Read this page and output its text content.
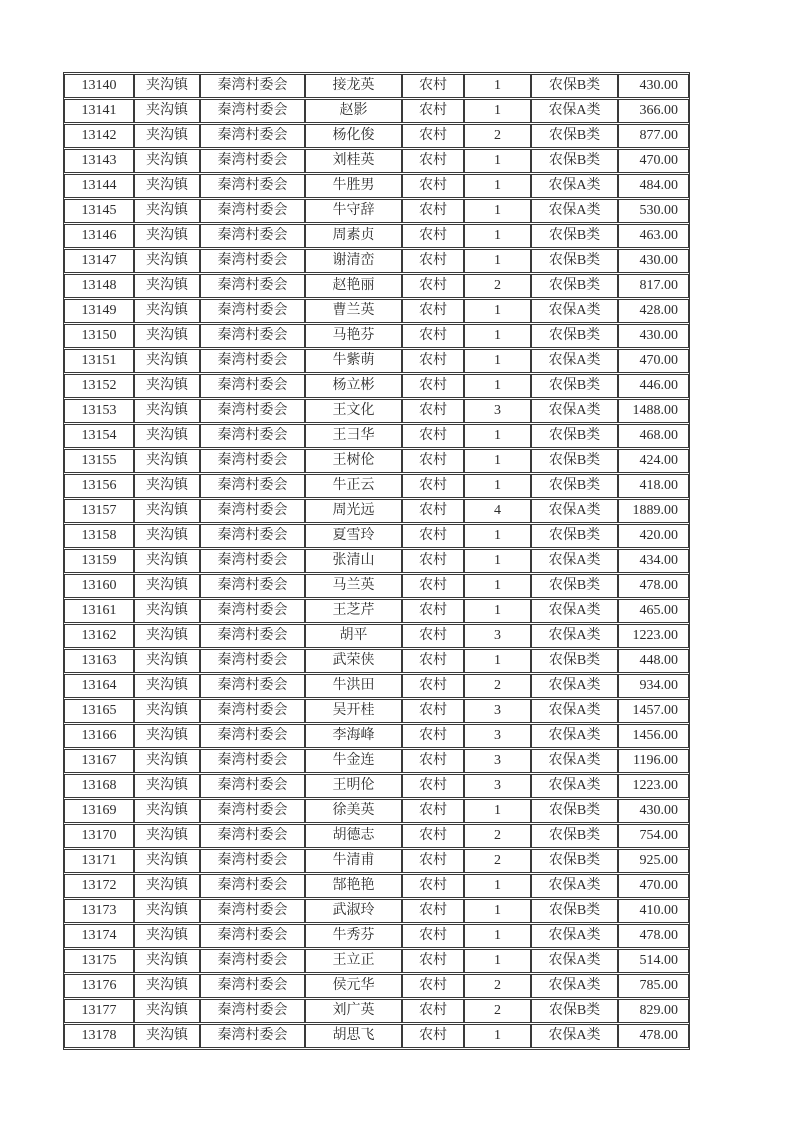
13140	夹沟镇	秦湾村委会	接龙英	农村	1	农保B类	430.00
13141	夹沟镇	秦湾村委会	赵影	农村	1	农保A类	366.00
13142	夹沟镇	秦湾村委会	杨化俊	农村	2	农保B类	877.00
13143	夹沟镇	秦湾村委会	刘桂英	农村	1	农保B类	470.00
13144	夹沟镇	秦湾村委会	牛胜男	农村	1	农保A类	484.00
13145	夹沟镇	秦湾村委会	牛守辞	农村	1	农保A类	530.00
13146	夹沟镇	秦湾村委会	周素贞	农村	1	农保B类	463.00
13147	夹沟镇	秦湾村委会	谢清峦	农村	1	农保B类	430.00
13148	夹沟镇	秦湾村委会	赵艳丽	农村	2	农保B类	817.00
13149	夹沟镇	秦湾村委会	曹兰英	农村	1	农保A类	428.00
13150	夹沟镇	秦湾村委会	马艳芬	农村	1	农保B类	430.00
13151	夹沟镇	秦湾村委会	牛紫萌	农村	1	农保A类	470.00
13152	夹沟镇	秦湾村委会	杨立彬	农村	1	农保B类	446.00
13153	夹沟镇	秦湾村委会	王文化	农村	3	农保A类	1488.00
13154	夹沟镇	秦湾村委会	王彐华	农村	1	农保B类	468.00
13155	夹沟镇	秦湾村委会	王树伦	农村	1	农保B类	424.00
13156	夹沟镇	秦湾村委会	牛正云	农村	1	农保B类	418.00
13157	夹沟镇	秦湾村委会	周光远	农村	4	农保A类	1889.00
13158	夹沟镇	秦湾村委会	夏雪玲	农村	1	农保B类	420.00
13159	夹沟镇	秦湾村委会	张清山	农村	1	农保A类	434.00
13160	夹沟镇	秦湾村委会	马兰英	农村	1	农保B类	478.00
13161	夹沟镇	秦湾村委会	王芝芹	农村	1	农保A类	465.00
13162	夹沟镇	秦湾村委会	胡平	农村	3	农保A类	1223.00
13163	夹沟镇	秦湾村委会	武荣侠	农村	1	农保B类	448.00
13164	夹沟镇	秦湾村委会	牛洪田	农村	2	农保A类	934.00
13165	夹沟镇	秦湾村委会	吴开桂	农村	3	农保A类	1457.00
13166	夹沟镇	秦湾村委会	李海峰	农村	3	农保A类	1456.00
13167	夹沟镇	秦湾村委会	牛金连	农村	3	农保A类	1196.00
13168	夹沟镇	秦湾村委会	王明伦	农村	3	农保A类	1223.00
13169	夹沟镇	秦湾村委会	徐美英	农村	1	农保B类	430.00
13170	夹沟镇	秦湾村委会	胡德志	农村	2	农保B类	754.00
13171	夹沟镇	秦湾村委会	牛清甫	农村	2	农保B类	925.00
13172	夹沟镇	秦湾村委会	郜艳艳	农村	1	农保A类	470.00
13173	夹沟镇	秦湾村委会	武淑玲	农村	1	农保B类	410.00
13174	夹沟镇	秦湾村委会	牛秀芬	农村	1	农保A类	478.00
13175	夹沟镇	秦湾村委会	王立正	农村	1	农保A类	514.00
13176	夹沟镇	秦湾村委会	侯元华	农村	2	农保A类	785.00
13177	夹沟镇	秦湾村委会	刘广英	农村	2	农保B类	829.00
13178	夹沟镇	秦湾村委会	胡思飞	农村	1	农保A类	478.00
